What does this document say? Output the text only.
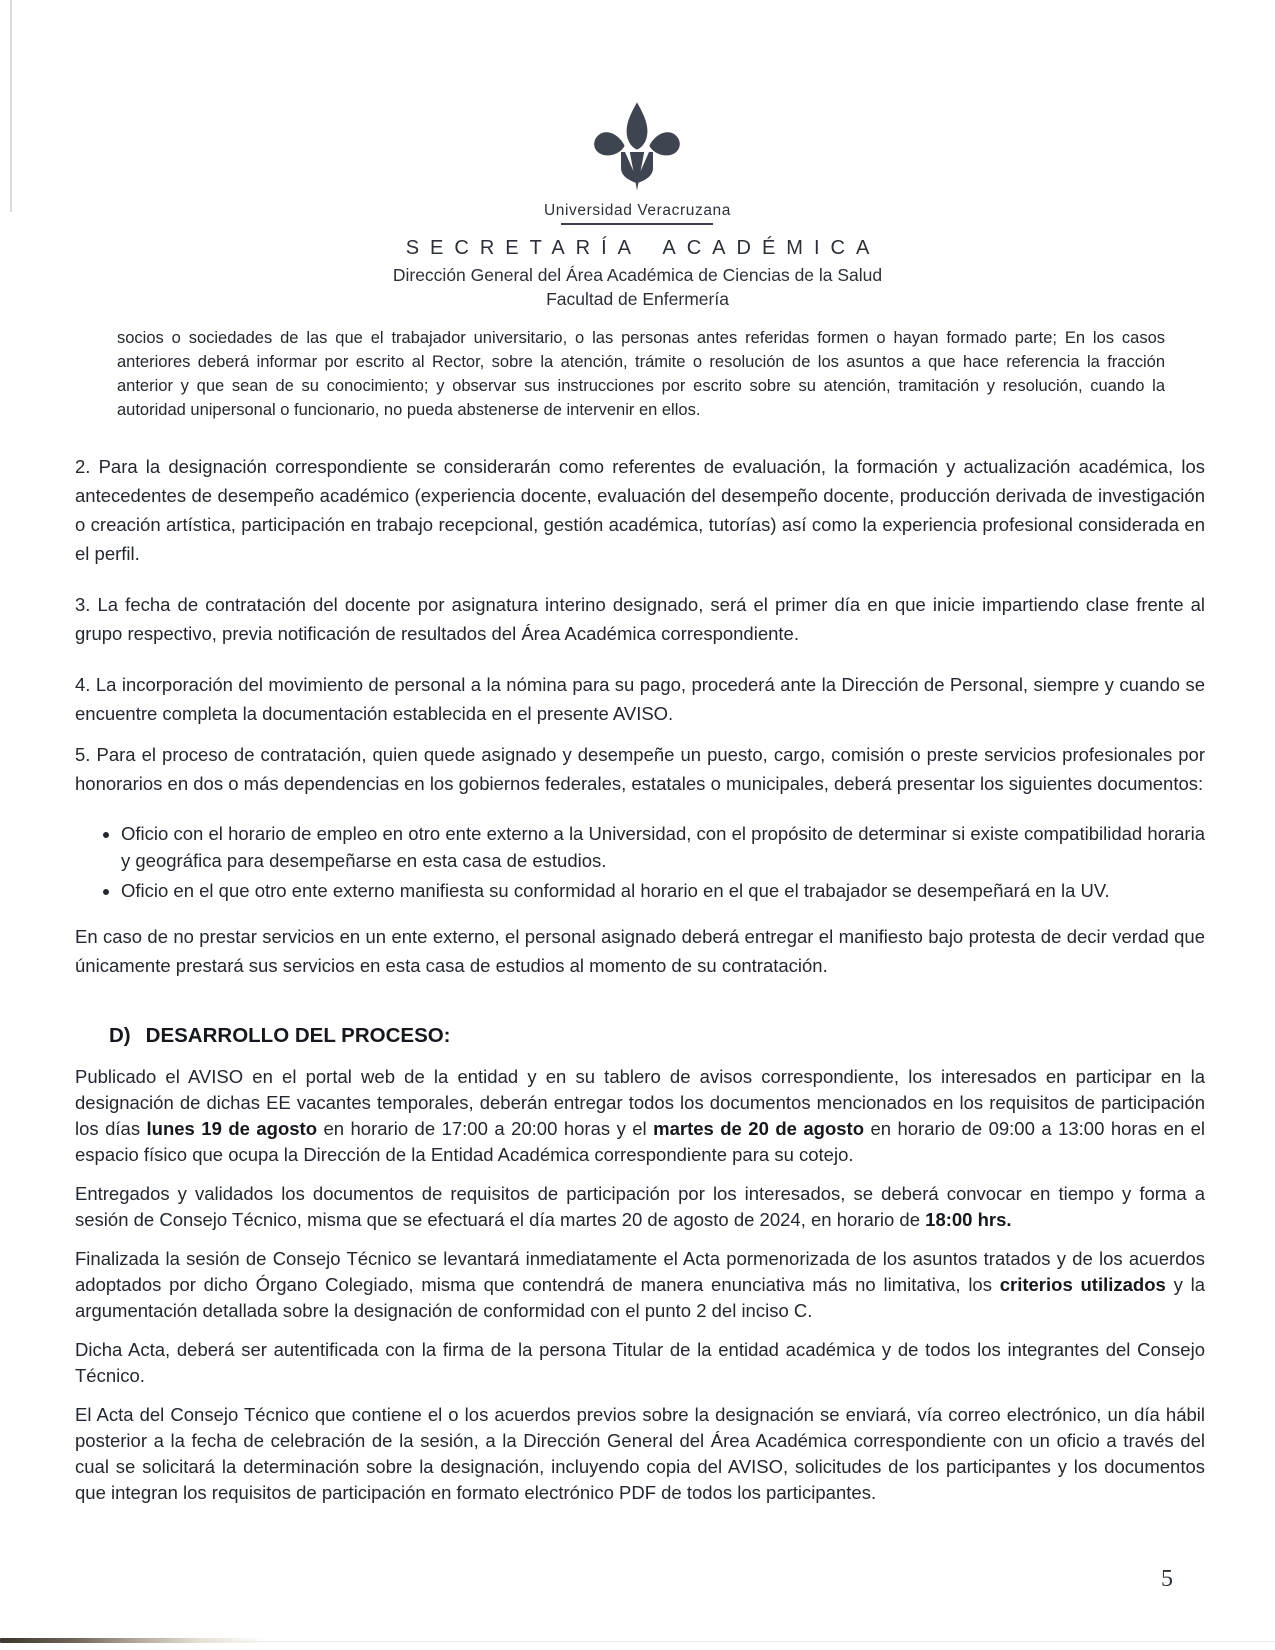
Universidad Veracruzana
SECRETARÍA ACADÉMICA
Dirección General del Área Académica de Ciencias de la Salud
Facultad de Enfermería

socios o sociedades de las que el trabajador universitario, o las personas antes referidas formen o hayan formado parte; En los casos anteriores deberá informar por escrito al Rector, sobre la atención, trámite o resolución de los asuntos a que hace referencia la fracción anterior y que sean de su conocimiento; y observar sus instrucciones por escrito sobre su atención, tramitación y resolución, cuando la autoridad unipersonal o funcionario, no pueda abstenerse de intervenir en ellos.

2. Para la designación correspondiente se considerarán como referentes de evaluación, la formación y actualización académica, los antecedentes de desempeño académico (experiencia docente, evaluación del desempeño docente, producción derivada de investigación o creación artística, participación en trabajo recepcional, gestión académica, tutorías) así como la experiencia profesional considerada en el perfil.

3. La fecha de contratación del docente por asignatura interino designado, será el primer día en que inicie impartiendo clase frente al grupo respectivo, previa notificación de resultados del Área Académica correspondiente.

4. La incorporación del movimiento de personal a la nómina para su pago, procederá ante la Dirección de Personal, siempre y cuando se encuentre completa la documentación establecida en el presente AVISO.

5. Para el proceso de contratación, quien quede asignado y desempeñe un puesto, cargo, comisión o preste servicios profesionales por honorarios en dos o más dependencias en los gobiernos federales, estatales o municipales, deberá presentar los siguientes documentos:

• Oficio con el horario de empleo en otro ente externo a la Universidad, con el propósito de determinar si existe compatibilidad horaria y geográfica para desempeñarse en esta casa de estudios.
• Oficio en el que otro ente externo manifiesta su conformidad al horario en el que el trabajador se desempeñará en la UV.

En caso de no prestar servicios en un ente externo, el personal asignado deberá entregar el manifiesto bajo protesta de decir verdad que únicamente prestará sus servicios en esta casa de estudios al momento de su contratación.

D) DESARROLLO DEL PROCESO:

Publicado el AVISO en el portal web de la entidad y en su tablero de avisos correspondiente, los interesados en participar en la designación de dichas EE vacantes temporales, deberán entregar todos los documentos mencionados en los requisitos de participación los días lunes 19 de agosto en horario de 17:00 a 20:00 horas y el martes de 20 de agosto en horario de 09:00 a 13:00 horas en el espacio físico que ocupa la Dirección de la Entidad Académica correspondiente para su cotejo.

Entregados y validados los documentos de requisitos de participación por los interesados, se deberá convocar en tiempo y forma a sesión de Consejo Técnico, misma que se efectuará el día martes 20 de agosto de 2024, en horario de 18:00 hrs.

Finalizada la sesión de Consejo Técnico se levantará inmediatamente el Acta pormenorizada de los asuntos tratados y de los acuerdos adoptados por dicho Órgano Colegiado, misma que contendrá de manera enunciativa más no limitativa, los criterios utilizados y la argumentación detallada sobre la designación de conformidad con el punto 2 del inciso C.

Dicha Acta, deberá ser autentificada con la firma de la persona Titular de la entidad académica y de todos los integrantes del Consejo Técnico.

El Acta del Consejo Técnico que contiene el o los acuerdos previos sobre la designación se enviará, vía correo electrónico, un día hábil posterior a la fecha de celebración de la sesión, a la Dirección General del Área Académica correspondiente con un oficio a través del cual se solicitará la determinación sobre la designación, incluyendo copia del AVISO, solicitudes de los participantes y los documentos que integran los requisitos de participación en formato electrónico PDF de todos los participantes.

5
